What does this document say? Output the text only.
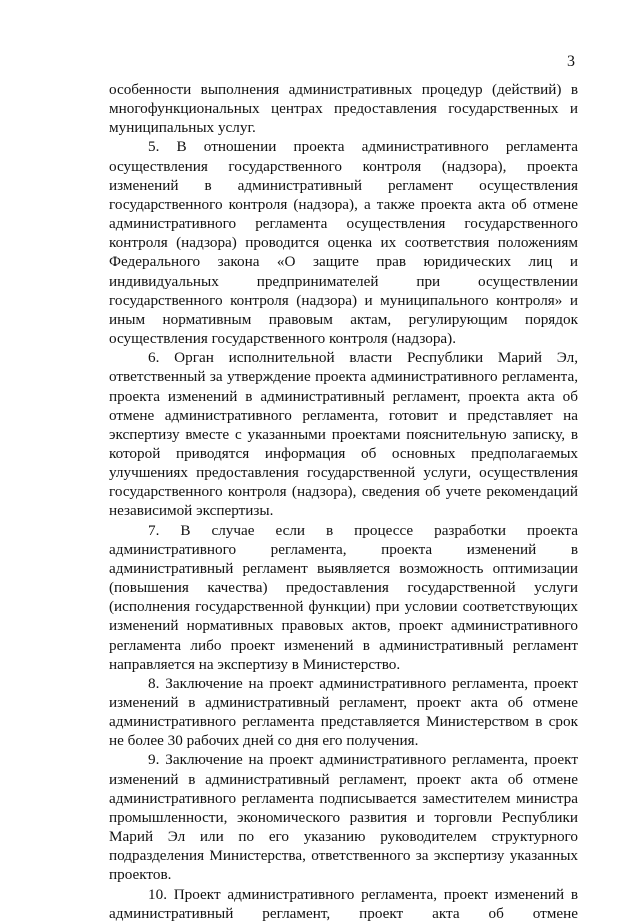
3

особенности выполнения административных процедур (действий) в многофункциональных центрах предоставления государственных и муниципальных услуг.

5. В отношении проекта административного регламента осуществления государственного контроля (надзора), проекта изменений в административный регламент осуществления государственного контроля (надзора), а также проекта акта об отмене административного регламента осуществления государственного контроля (надзора) проводится оценка их соответствия положениям Федерального закона «О защите прав юридических лиц и индивидуальных предпринимателей при осуществлении государственного контроля (надзора) и муниципального контроля» и иным нормативным правовым актам, регулирующим порядок осуществления государственного контроля (надзора).

6. Орган исполнительной власти Республики Марий Эл, ответственный за утверждение проекта административного регламента, проекта изменений в административный регламент, проекта акта об отмене административного регламента, готовит и представляет на экспертизу вместе с указанными проектами пояснительную записку, в которой приводятся информация об основных предполагаемых улучшениях предоставления государственной услуги, осуществления государственного контроля (надзора), сведения об учете рекомендаций независимой экспертизы.

7. В случае если в процессе разработки проекта административного регламента, проекта изменений в административный регламент выявляется возможность оптимизации (повышения качества) предоставления государственной услуги (исполнения государственной функции) при условии соответствующих изменений нормативных правовых актов, проект административного регламента либо проект изменений в административный регламент направляется на экспертизу в Министерство.

8. Заключение на проект административного регламента, проект изменений в административный регламент, проект акта об отмене административного регламента представляется Министерством в срок не более 30 рабочих дней со дня его получения.

9. Заключение на проект административного регламента, проект изменений в административный регламент, проект акта об отмене административного регламента подписывается заместителем министра промышленности, экономического развития и торговли Республики Марий Эл или по его указанию руководителем структурного подразделения Министерства, ответственного за экспертизу указанных проектов.

10. Проект административного регламента, проект изменений в административный регламент, проект акта об отмене
